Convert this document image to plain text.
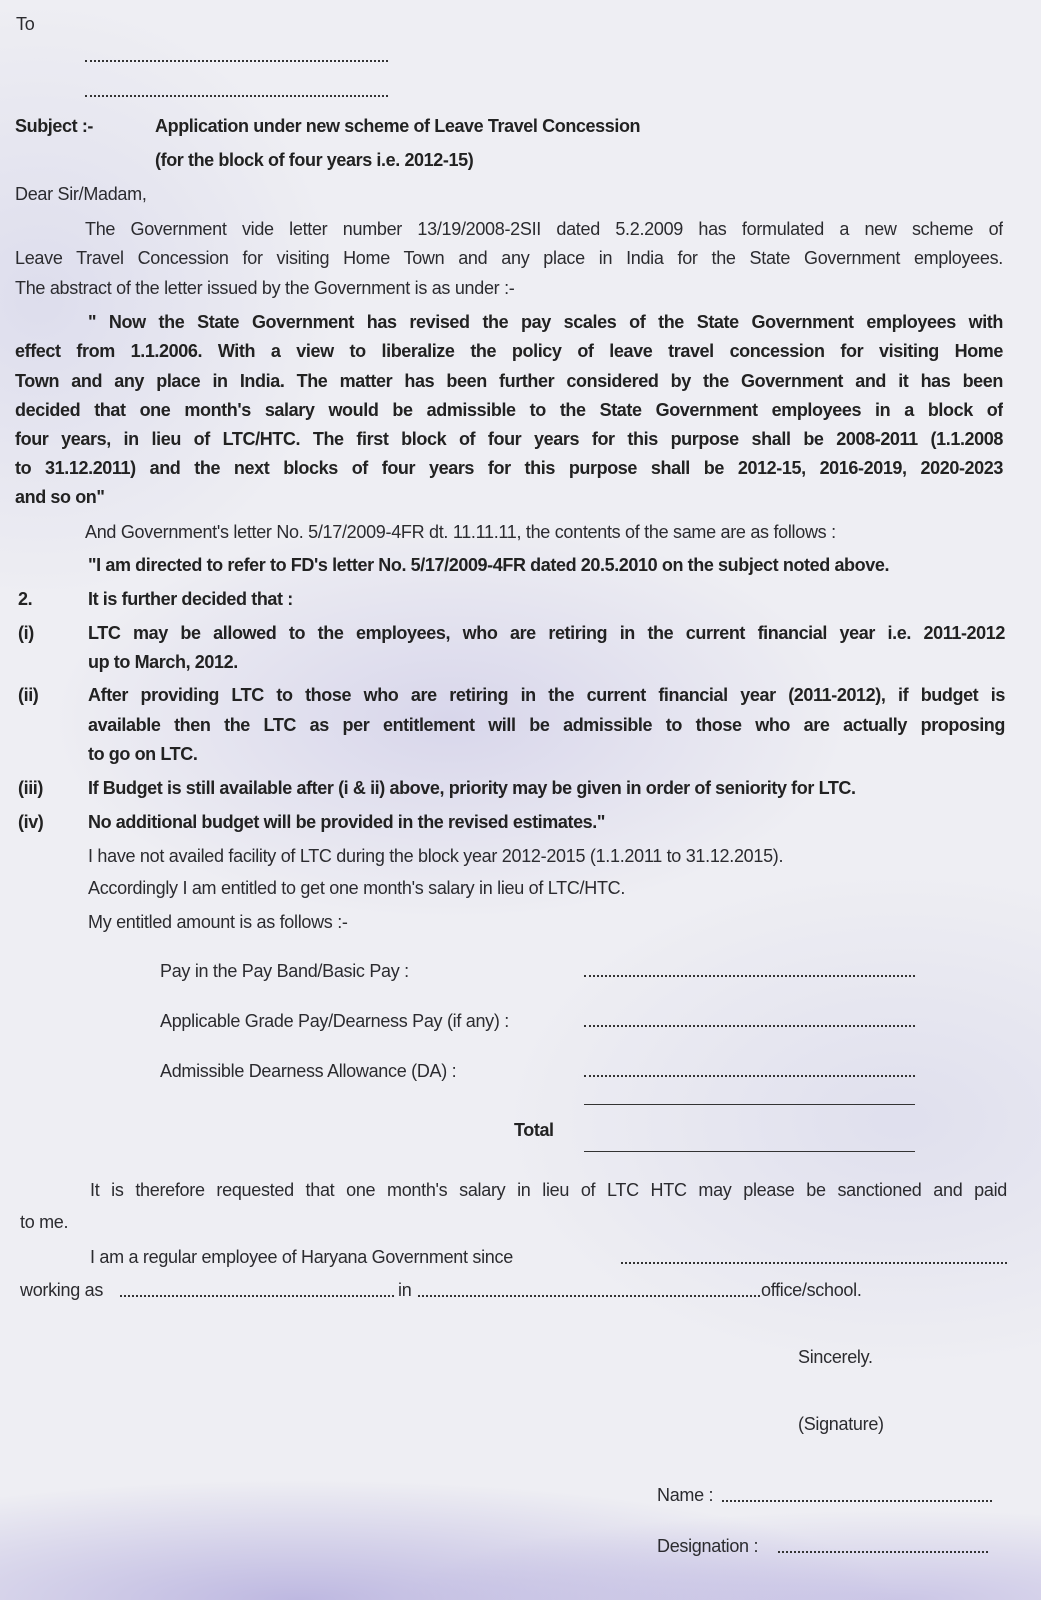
To
Subject :-	Application under new scheme of Leave Travel Concession
(for the block of four years i.e. 2012-15)
Dear Sir/Madam,
The Government vide letter number 13/19/2008-2SII dated 5.2.2009 has formulated a new scheme of
Leave Travel Concession for visiting Home Town and any place in India for the State Government employees.
The abstract of the letter issued by the Government is as under :-
" Now the State Government has revised the pay scales of the State Government employees with
effect from 1.1.2006. With a view to liberalize the policy of leave travel concession for visiting Home
Town and any place in India. The matter has been further considered by the Government and it has been
decided that one month's salary would be admissible to the State Government employees in a block of
four years, in lieu of LTC/HTC. The first block of four years for this purpose shall be 2008-2011 (1.1.2008
to 31.12.2011) and the next blocks of four years for this purpose shall be 2012-15, 2016-2019, 2020-2023
and so on"
And Government's letter No. 5/17/2009-4FR dt. 11.11.11, the contents of the same are as follows :
"I am directed to refer to FD's letter No. 5/17/2009-4FR dated 20.5.2010 on the subject noted above.
2.	It is further decided that :
(i)	LTC may be allowed to the employees, who are retiring in the current financial year i.e. 2011-2012
up to March, 2012.
(ii)	After providing LTC to those who are retiring in the current financial year (2011-2012), if budget is
available then the LTC as per entitlement will be admissible to those who are actually proposing
to go on LTC.
(iii)	If Budget is still available after (i & ii) above, priority may be given in order of seniority for LTC.
(iv) No additional budget will be provided in the revised estimates."
I have not availed facility of LTC during the block year 2012-2015 (1.1.2011 to 31.12.2015).
Accordingly I am entitled to get one month's salary in lieu of LTC/HTC.
My entitled amount is as follows :-
Pay in the Pay Band/Basic Pay :
Applicable Grade Pay/Dearness Pay (if any) :
Admissible Dearness Allowance (DA) :
Total
It is therefore requested that one month's salary in lieu of LTC HTC may please be sanctioned and paid
to me.
I am a regular employee of Haryana Government since
working as	in	office/school.
Sincerely.
(Signature)
Name :
Designation :
